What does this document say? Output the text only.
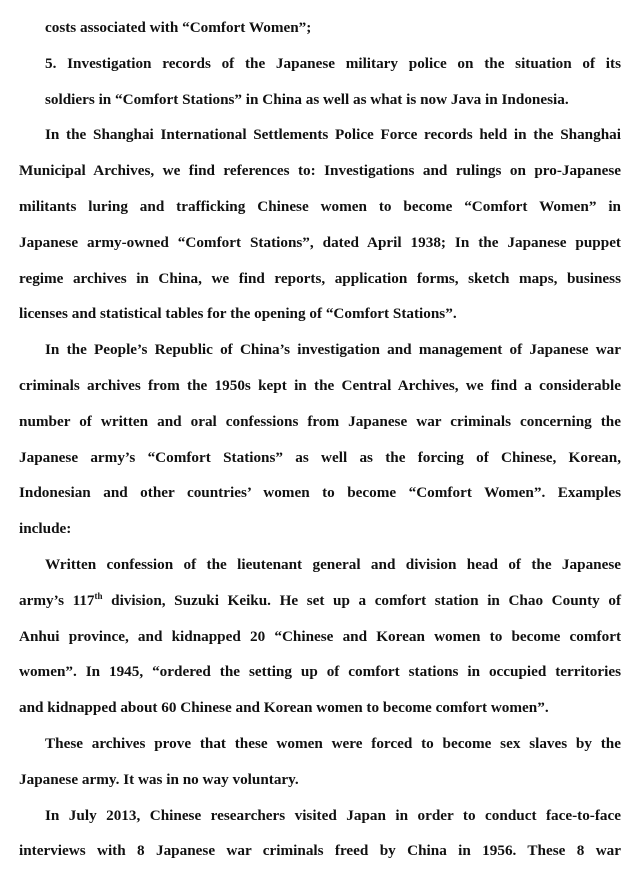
costs associated with “Comfort Women”;
5. Investigation records of the Japanese military police on the situation of its
soldiers in “Comfort Stations” in China as well as what is now Java in Indonesia.
In the Shanghai International Settlements Police Force records held in the Shanghai
Municipal Archives, we find references to: Investigations and rulings on pro-Japanese
militants luring and trafficking Chinese women to become “Comfort Women” in
Japanese army-owned “Comfort Stations”, dated April 1938; In the Japanese puppet
regime archives in China, we find reports, application forms, sketch maps, business
licenses and statistical tables for the opening of “Comfort Stations”.
In the People’s Republic of China’s investigation and management of Japanese war
criminals archives from the 1950s kept in the Central Archives, we find a considerable
number of written and oral confessions from Japanese war criminals concerning the
Japanese army’s “Comfort Stations” as well as the forcing of Chinese, Korean,
Indonesian and other countries’ women to become “Comfort Women”. Examples
include:
Written confession of the lieutenant general and division head of the Japanese
army’s 117th division, Suzuki Keiku. He set up a comfort station in Chao County of
Anhui province, and kidnapped 20 “Chinese and Korean women to become comfort
women”. In 1945, “ordered the setting up of comfort stations in occupied territories
and kidnapped about 60 Chinese and Korean women to become comfort women”.
These archives prove that these women were forced to become sex slaves by the
Japanese army. It was in no way voluntary.
In July 2013, Chinese researchers visited Japan in order to conduct face-to-face
interviews with 8 Japanese war criminals freed by China in 1956. These 8 war
